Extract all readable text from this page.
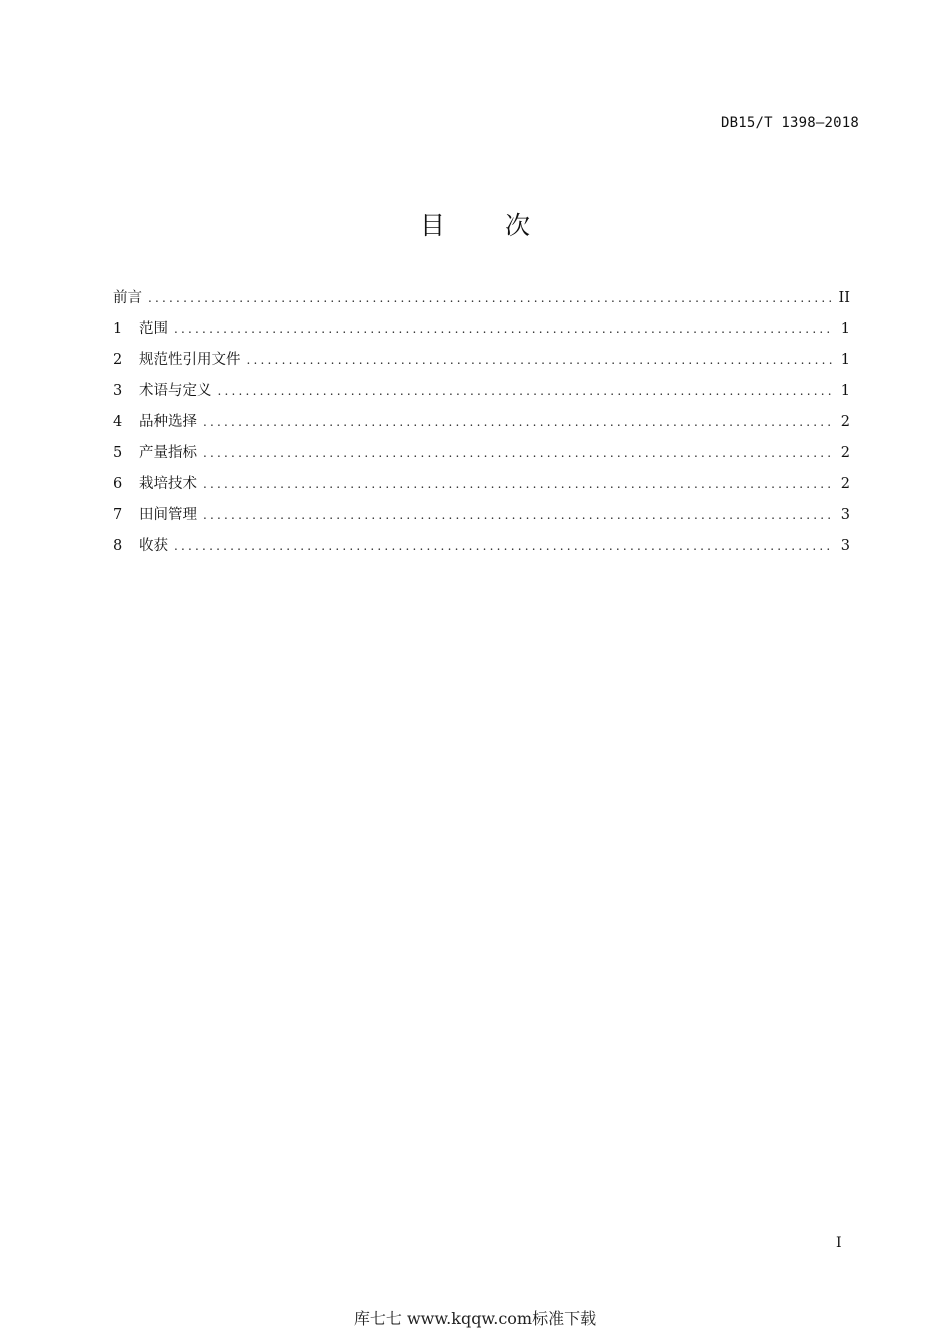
DB15/T 1398—2018
目 次
前言 .....	II
1	范围 .....	1
2	规范性引用文件 .....	1
3	术语与定义 .....	1
4	品种选择 .....	2
5	产量指标 .....	2
6	栽培技术 .....	2
7	田间管理 .....	3
8	收获 .....	3
I
库七七 www.kqqw.com标准下载
